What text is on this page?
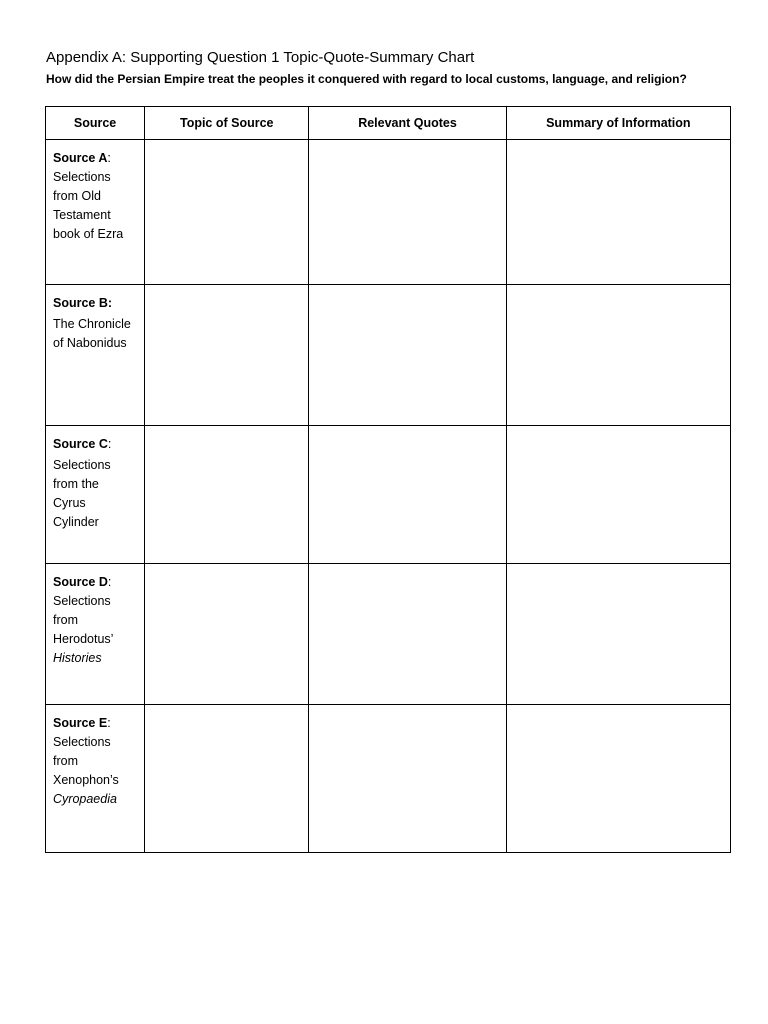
Appendix A: Supporting Question 1 Topic-Quote-Summary Chart
How did the Persian Empire treat the peoples it conquered with regard to local customs, language, and religion?
Source	Topic of Source	Relevant Quotes	Summary of Information
Source A:
Selections
from Old
Testament
book of Ezra			

Source B:
The Chronicle
of Nabonidus			

Source C:
Selections
from the
Cyrus
Cylinder			

Source D:
Selections
from
Herodotus’
Histories			

Source E:
Selections
from
Xenophon’s
Cyropaedia			
